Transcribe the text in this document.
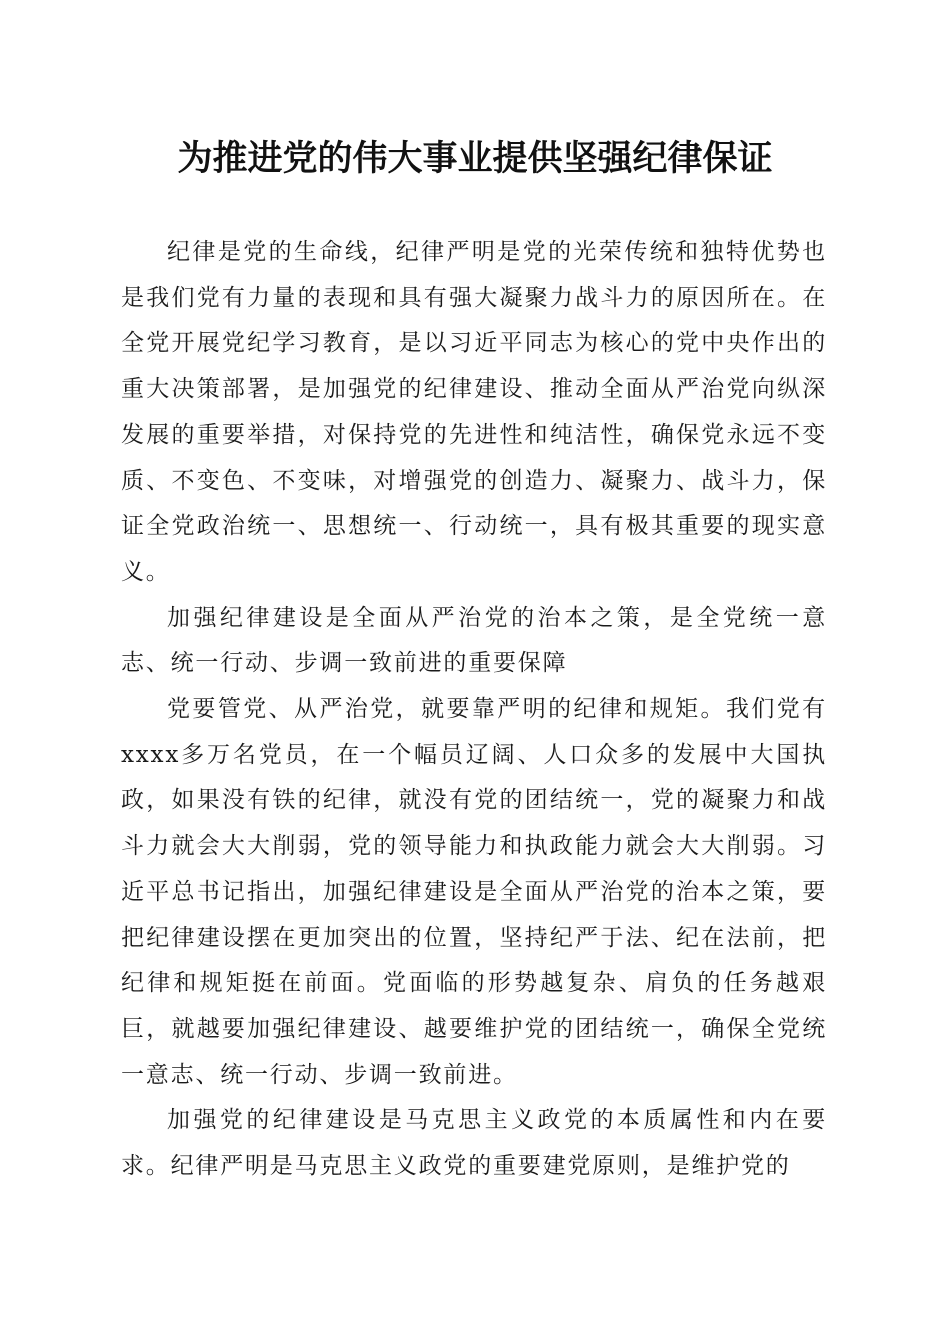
为推进党的伟大事业提供坚强纪律保证

纪律是党的生命线，纪律严明是党的光荣传统和独特优势也是我们党有力量的表现和具有强大凝聚力战斗力的原因所在。在全党开展党纪学习教育，是以习近平同志为核心的党中央作出的重大决策部署，是加强党的纪律建设、推动全面从严治党向纵深发展的重要举措，对保持党的先进性和纯洁性，确保党永远不变质、不变色、不变味，对增强党的创造力、凝聚力、战斗力，保证全党政治统一、思想统一、行动统一，具有极其重要的现实意义。

加强纪律建设是全面从严治党的治本之策，是全党统一意志、统一行动、步调一致前进的重要保障

党要管党、从严治党，就要靠严明的纪律和规矩。我们党有xxxx多万名党员，在一个幅员辽阔、人口众多的发展中大国执政，如果没有铁的纪律，就没有党的团结统一，党的凝聚力和战斗力就会大大削弱，党的领导能力和执政能力就会大大削弱。习近平总书记指出，加强纪律建设是全面从严治党的治本之策，要把纪律建设摆在更加突出的位置，坚持纪严于法、纪在法前，把纪律和规矩挺在前面。党面临的形势越复杂、肩负的任务越艰巨，就越要加强纪律建设、越要维护党的团结统一，确保全党统一意志、统一行动、步调一致前进。

加强党的纪律建设是马克思主义政党的本质属性和内在要求。纪律严明是马克思主义政党的重要建党原则，是维护党的
